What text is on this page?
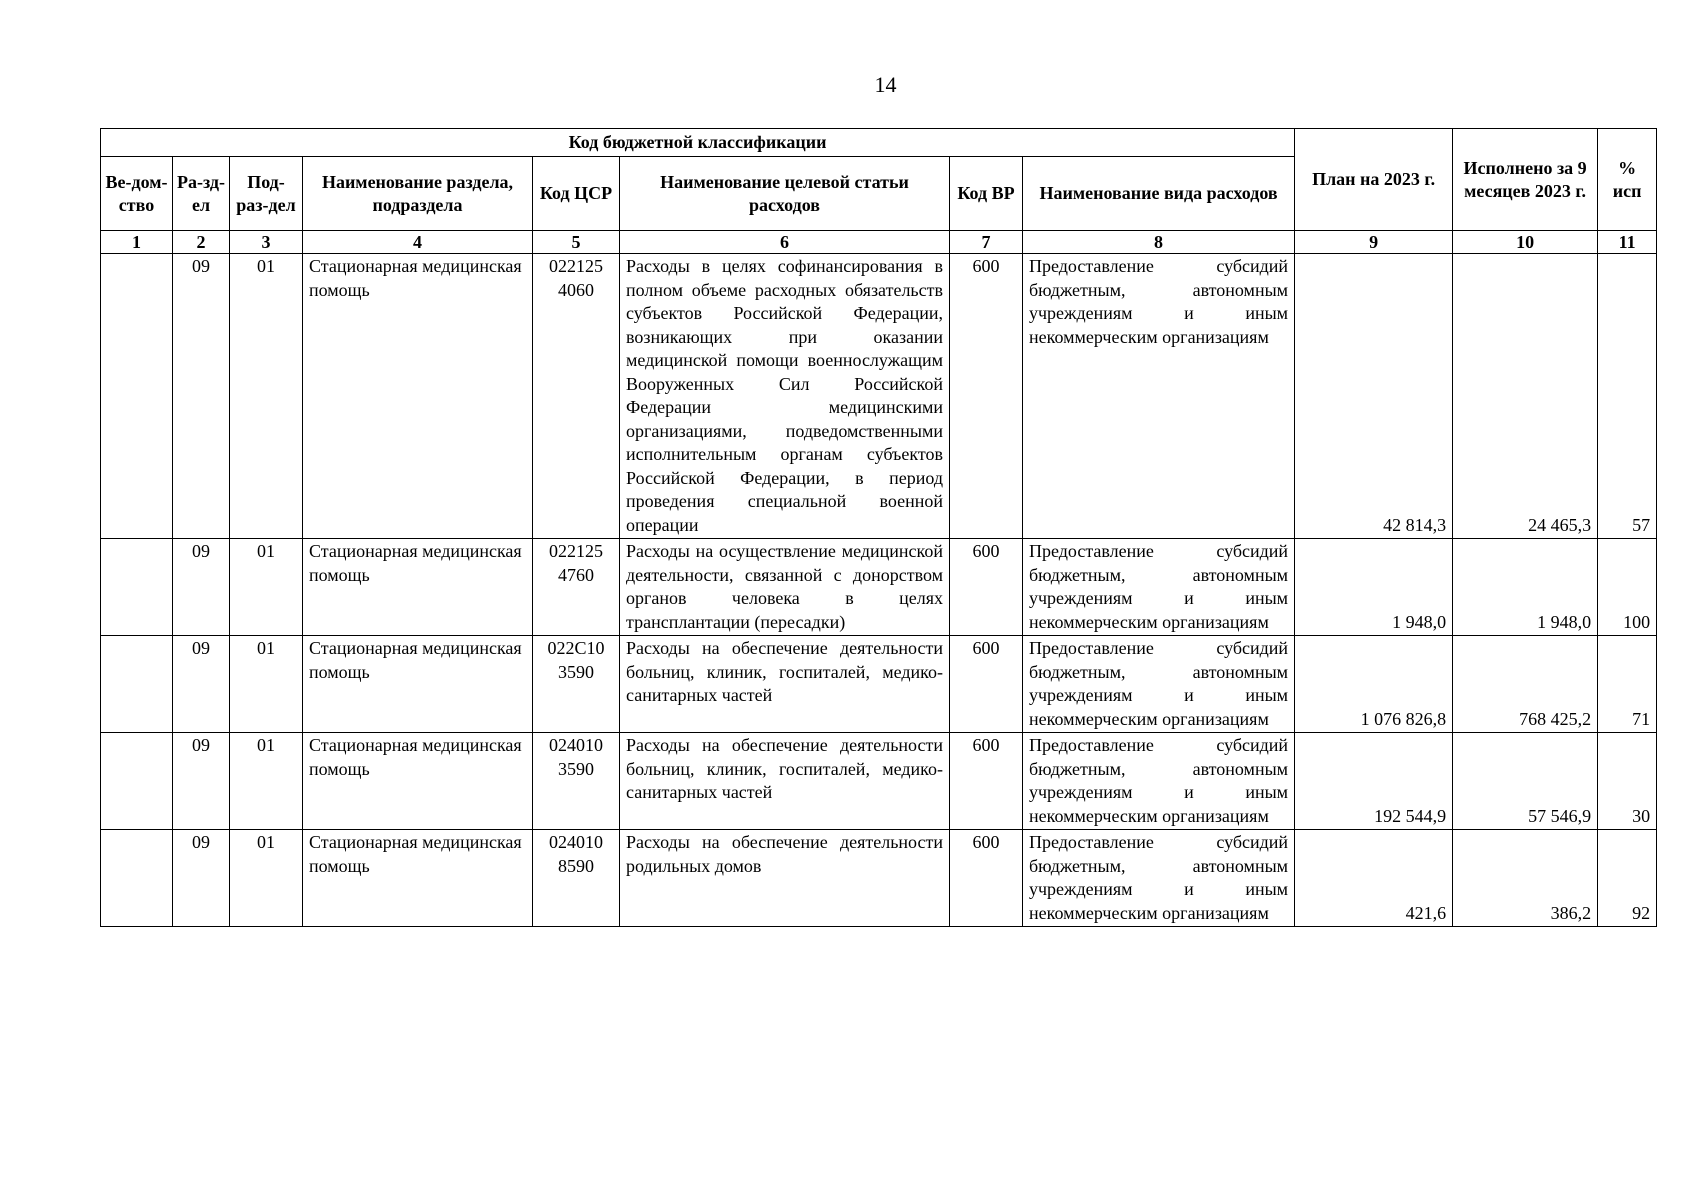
14
Код бюджетной классификации								План на 2023 г.	Исполнено за 9 месяцев 2023 г.	% исп
Ве-дом-ство	Ра-зд-ел	Под-раз-дел	Наименование раздела, подраздела	Код ЦСР	Наименование целевой статьи расходов	Код ВР	Наименование вида расходов			
1	2	3	4	5	6	7	8	9	10	11
	09	01	Стационарная медицинская помощь	022125 4060	Расходы в целях софинансирования в полном объеме расходных обязательств субъектов Российской Федерации, возникающих при оказании медицинской помощи военнослужащим Вооруженных Сил Российской Федерации медицинскими организациями, подведомственными исполнительным органам субъектов Российской Федерации, в период проведения специальной военной операции	600	Предоставление субсидий бюджетным, автономным учреждениям и иным некоммерческим организациям	42 814,3	24 465,3	57
	09	01	Стационарная медицинская помощь	022125 4760	Расходы на осуществление медицинской деятельности, связанной с донорством органов человека в целях трансплантации (пересадки)	600	Предоставление субсидий бюджетным, автономным учреждениям и иным некоммерческим организациям	1 948,0	1 948,0	100
	09	01	Стационарная медицинская помощь	022С10 3590	Расходы на обеспечение деятельности больниц, клиник, госпиталей, медико-санитарных частей	600	Предоставление субсидий бюджетным, автономным учреждениям и иным некоммерческим организациям	1 076 826,8	768 425,2	71
	09	01	Стационарная медицинская помощь	024010 3590	Расходы на обеспечение деятельности больниц, клиник, госпиталей, медико-санитарных частей	600	Предоставление субсидий бюджетным, автономным учреждениям и иным некоммерческим организациям	192 544,9	57 546,9	30
	09	01	Стационарная медицинская помощь	024010 8590	Расходы на обеспечение деятельности родильных домов	600	Предоставление субсидий бюджетным, автономным учреждениям и иным некоммерческим организациям	421,6	386,2	92
